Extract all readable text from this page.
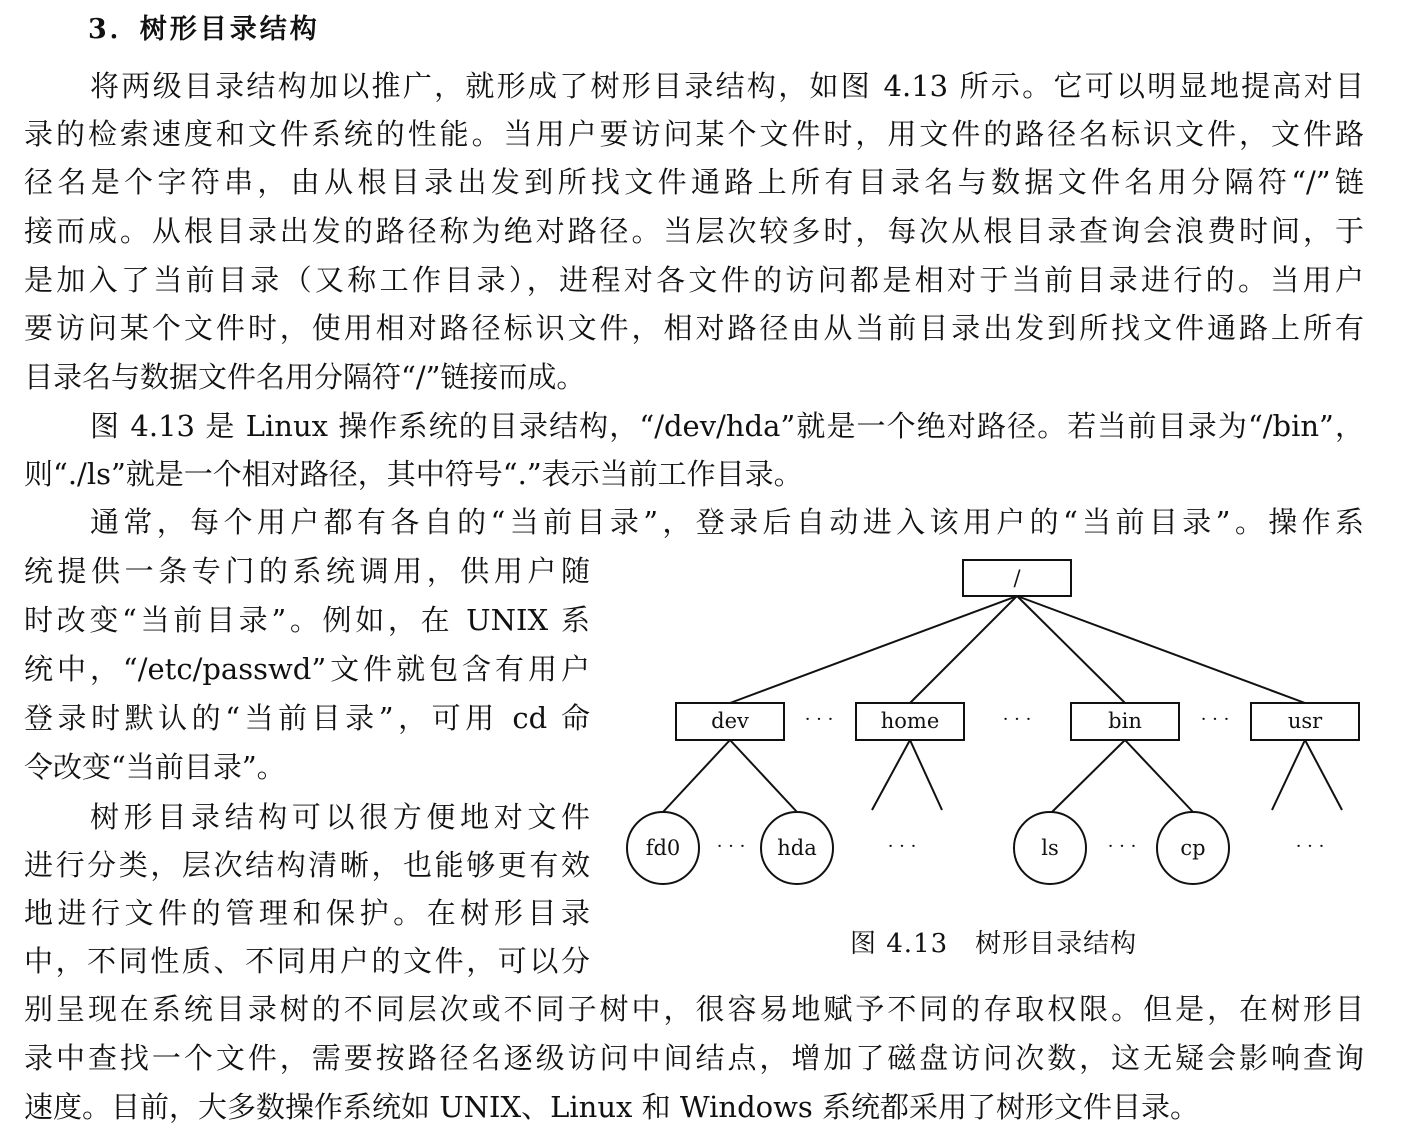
3．树形目录结构
将两级目录结构加以推广，就形成了树形目录结构，如图 4.13 所示。它可以明显地提高对目
录的检索速度和文件系统的性能。当用户要访问某个文件时，用文件的路径名标识文件，文件路
径名是个字符串，由从根目录出发到所找文件通路上所有目录名与数据文件名用分隔符“/”链
接而成。从根目录出发的路径称为绝对路径。当层次较多时，每次从根目录查询会浪费时间，于
是加入了当前目录（又称工作目录），进程对各文件的访问都是相对于当前目录进行的。当用户
要访问某个文件时，使用相对路径标识文件，相对路径由从当前目录出发到所找文件通路上所有
目录名与数据文件名用分隔符“/”链接而成。
图 4.13 是 Linux 操作系统的目录结构，“/dev/hda”就是一个绝对路径。若当前目录为“/bin”，
则“./ls”就是一个相对路径，其中符号“.”表示当前工作目录。
通常，每个用户都有各自的“当前目录”，登录后自动进入该用户的“当前目录”。操作系
统提供一条专门的系统调用，供用户随
时改变“当前目录”。例如，在 UNIX 系
统中，“/etc/passwd”文件就包含有用户
登录时默认的“当前目录”，可用 cd 命
令改变“当前目录”。
树形目录结构可以很方便地对文件
进行分类，层次结构清晰，也能够更有效
地进行文件的管理和保护。在树形目录
中，不同性质、不同用户的文件，可以分
别呈现在系统目录树的不同层次或不同子树中，很容易地赋予不同的存取权限。但是，在树形目
录中查找一个文件，需要按路径名逐级访问中间结点，增加了磁盘访问次数，这无疑会影响查询
速度。目前，大多数操作系统如 UNIX、Linux 和 Windows 系统都采用了树形文件目录。
/
dev	home	bin	usr
fd0	hda	ls	cp
· · ·	· · ·	· · ·
· · ·	· · ·	· · ·	· · ·
图 4.13　树形目录结构
